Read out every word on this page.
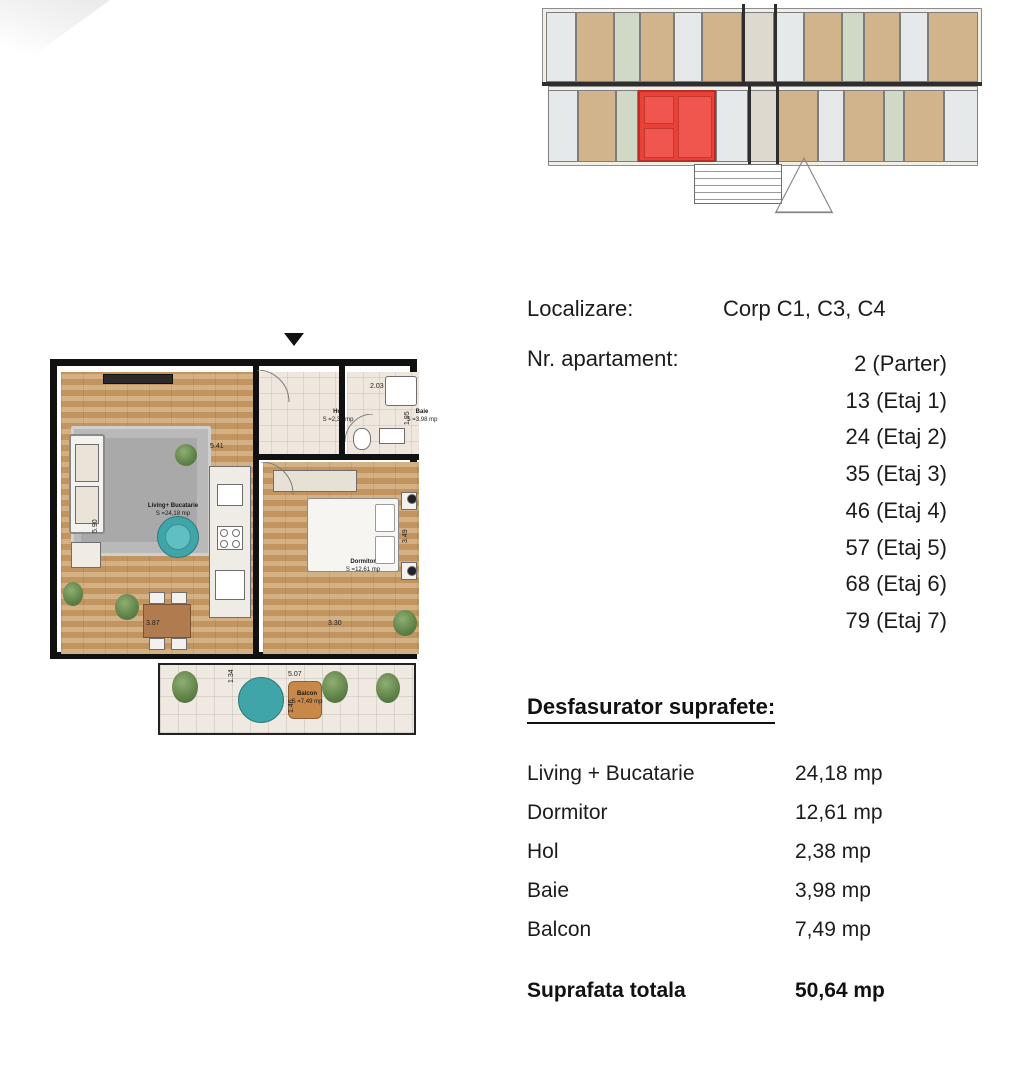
Hol
S =2,38 mp
Baie
S =3,98 mp
Living+ Bucatarie
S =24,18 mp
Dormitor
S =12,61 mp
Balcon
S =7,49 mp
2.03
1.95
5.41
5.90
3.87	3.30
3.49
5.07
1.34
1.46
Localizare:	Corp C1, C3, C4
Nr. apartament:	2 (Parter)
13 (Etaj 1)
24 (Etaj 2)
35 (Etaj 3)
46 (Etaj 4)
57 (Etaj 5)
68 (Etaj 6)
79 (Etaj 7)
Desfasurator suprafete:
Living + Bucatarie	24,18 mp
Dormitor	12,61 mp
Hol	2,38 mp
Baie	3,98 mp
Balcon	7,49 mp
Suprafata totala	50,64 mp
